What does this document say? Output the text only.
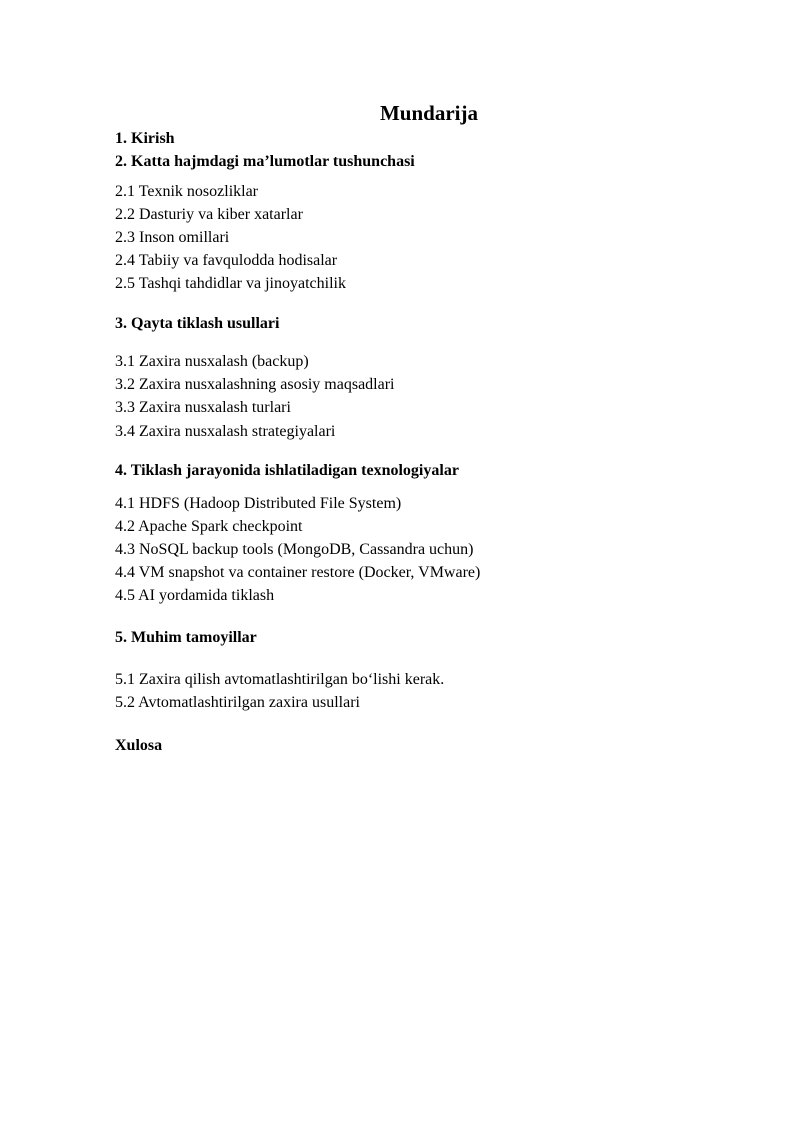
Mundarija

1. Kirish

2. Katta hajmdagi ma’lumotlar tushunchasi

2.1 Texnik nosozliklar

2.2 Dasturiy va kiber xatarlar

2.3 Inson omillari

2.4 Tabiiy va favqulodda hodisalar

2.5 Tashqi tahdidlar va jinoyatchilik

3. Qayta tiklash usullari

3.1 Zaxira nusxalash (backup)

3.2 Zaxira nusxalashning asosiy maqsadlari

3.3 Zaxira nusxalash turlari

3.4 Zaxira nusxalash strategiyalari

4. Tiklash jarayonida ishlatiladigan texnologiyalar

4.1 HDFS (Hadoop Distributed File System)

4.2 Apache Spark checkpoint

4.3 NoSQL backup tools (MongoDB, Cassandra uchun)

4.4 VM snapshot va container restore (Docker, VMware)

4.5 AI yordamida tiklash

5. Muhim tamoyillar

5.1 Zaxira qilish avtomatlashtirilgan bo‘lishi kerak.

5.2 Avtomatlashtirilgan zaxira usullari

Xulosa
